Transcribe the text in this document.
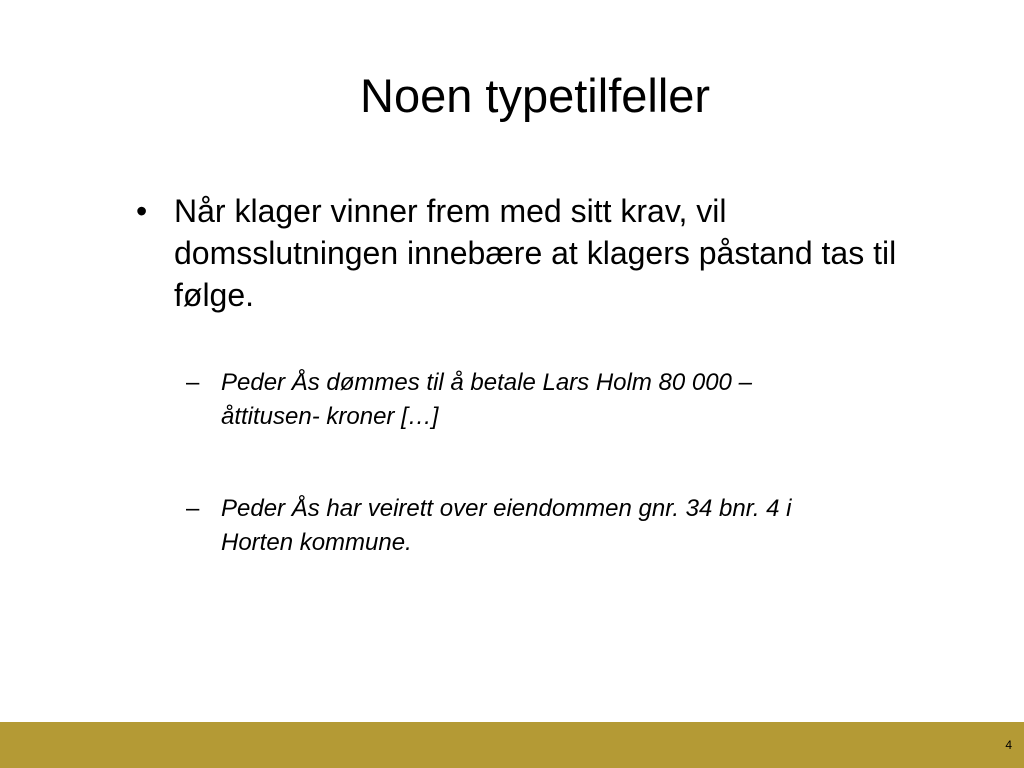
Noen typetilfeller
• Når klager vinner frem med sitt krav, vil
domsslutningen innebære at klagers påstand tas til
følge.
– Peder Ås dømmes til å betale Lars Holm 80 000 –
åttitusen- kroner […]
– Peder Ås har veirett over eiendommen gnr. 34 bnr. 4 i
Horten kommune.
4
